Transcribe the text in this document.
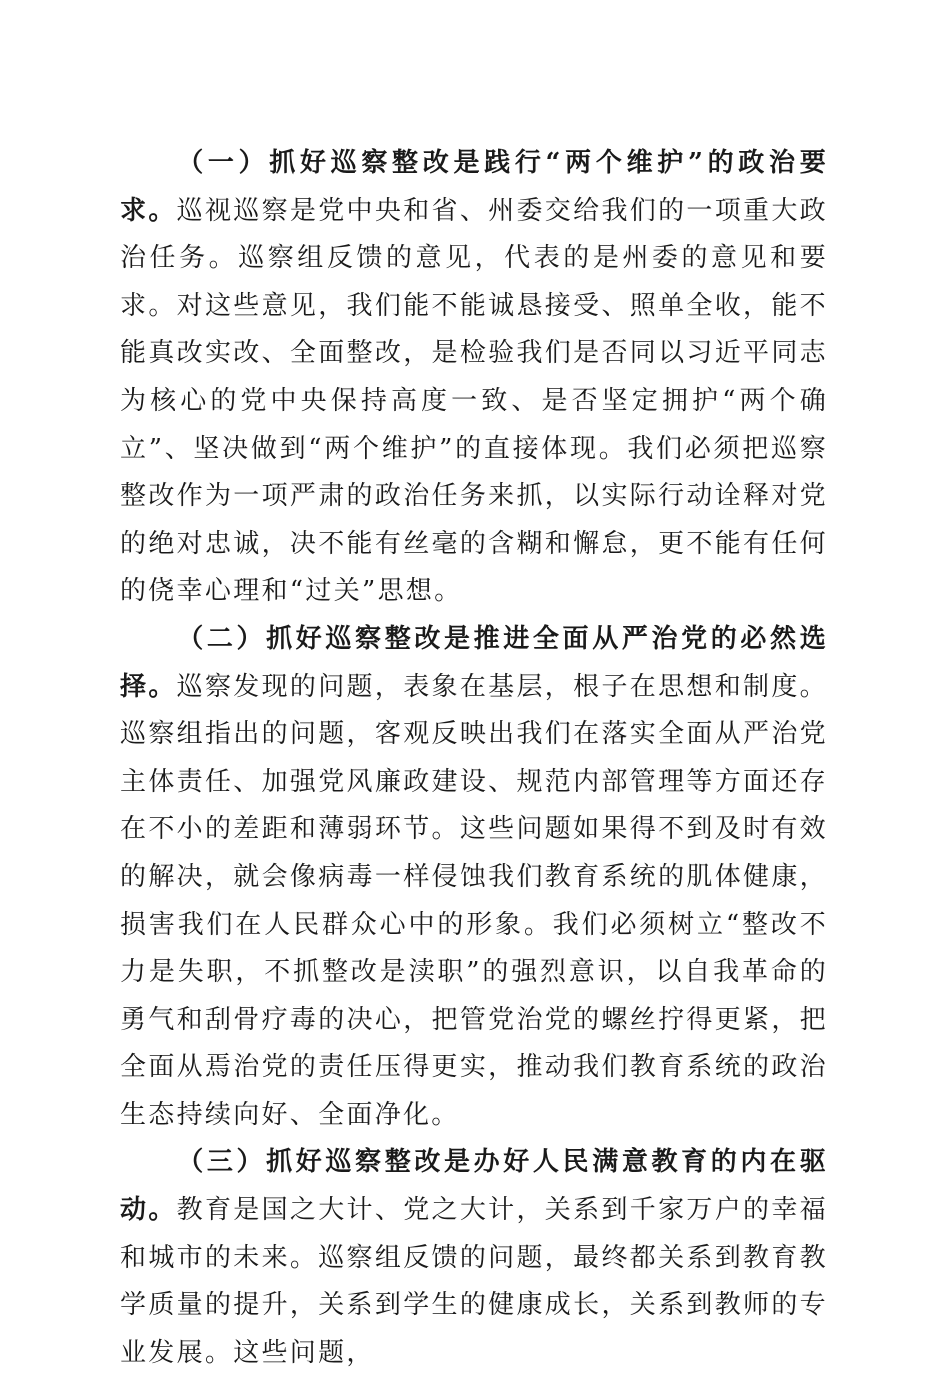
（一）抓好巡察整改是践行“两个维护”的政治要求。巡视巡察是党中央和省、州委交给我们的一项重大政治任务。巡察组反馈的意见，代表的是州委的意见和要求。对这些意见，我们能不能诚恳接受、照单全收，能不能真改实改、全面整改，是检验我们是否同以习近平同志为核心的党中央保持高度一致、是否坚定拥护“两个确立”、坚决做到“两个维护”的直接体现。我们必须把巡察整改作为一项严肃的政治任务来抓，以实际行动诠释对党的绝对忠诚，决不能有丝毫的含糊和懈怠，更不能有任何的侥幸心理和“过关”思想。

（二）抓好巡察整改是推进全面从严治党的必然选择。巡察发现的问题，表象在基层，根子在思想和制度。巡察组指出的问题，客观反映出我们在落实全面从严治党主体责任、加强党风廉政建设、规范内部管理等方面还存在不小的差距和薄弱环节。这些问题如果得不到及时有效的解决，就会像病毒一样侵蚀我们教育系统的肌体健康，损害我们在人民群众心中的形象。我们必须树立“整改不力是失职，不抓整改是渎职”的强烈意识，以自我革命的勇气和刮骨疗毒的决心，把管党治党的螺丝拧得更紧，把全面从焉治党的责任压得更实，推动我们教育系统的政治生态持续向好、全面净化。

（三）抓好巡察整改是办好人民满意教育的内在驱动。教育是国之大计、党之大计，关系到千家万户的幸福和城市的未来。巡察组反馈的问题，最终都关系到教育教学质量的提升，关系到学生的健康成长，关系到教师的专业发展。这些问题，
